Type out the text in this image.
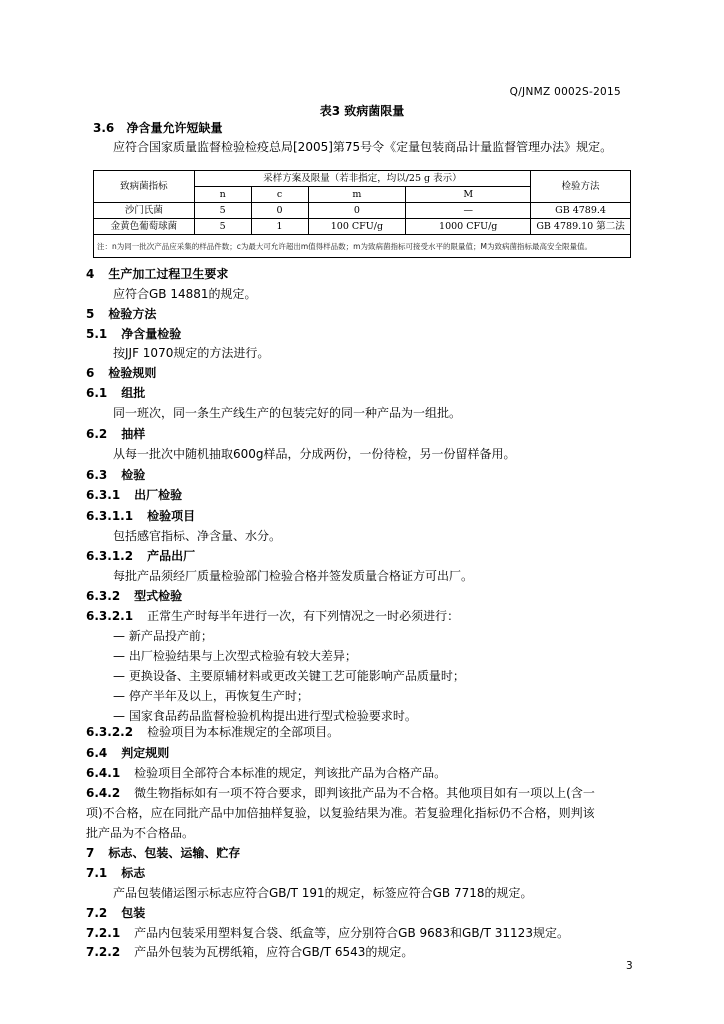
Q/JNMZ 0002S-2015
表3 致病菌限量
3.6 净含量允许短缺量
应符合国家质量监督检验检疫总局[2005]第75号令《定量包装商品计量监督管理办法》规定。
致病菌指标	采样方案及限量（若非指定，均以/25 g 表示）				检验方法
	n	c	m	M	
沙门氏菌	5	0	0	—	GB 4789.4
金黄色葡萄球菌	5	1	100 CFU/g	1000 CFU/g	GB 4789.10 第二法
注：n为同一批次产品应采集的样品件数；c为最大可允许超出m值得样品数；m为致病菌指标可接受水平的限量值；M为致病菌指标最高安全限量值。					
4 生产加工过程卫生要求
应符合GB 14881的规定。
5 检验方法
5.1 净含量检验
按JJF 1070规定的方法进行。
6 检验规则
6.1 组批
同一班次，同一条生产线生产的包装完好的同一种产品为一组批。
6.2 抽样
从每一批次中随机抽取600g样品，分成两份，一份待检，另一份留样备用。
6.3 检验
6.3.1 出厂检验
6.3.1.1 检验项目
包括感官指标、净含量、水分。
6.3.1.2 产品出厂
每批产品须经厂质量检验部门检验合格并签发质量合格证方可出厂。
6.3.2 型式检验
6.3.2.1 正常生产时每半年进行一次，有下列情况之一时必须进行：
— 新产品投产前；
— 出厂检验结果与上次型式检验有较大差异；
— 更换设备、主要原辅材料或更改关键工艺可能影响产品质量时；
— 停产半年及以上，再恢复生产时；
— 国家食品药品监督检验机构提出进行型式检验要求时。
6.3.2.2 检验项目为本标准规定的全部项目。
6.4 判定规则
6.4.1 检验项目全部符合本标准的规定，判该批产品为合格产品。
6.4.2 微生物指标如有一项不符合要求，即判该批产品为不合格。其他项目如有一项以上(含一
项)不合格，应在同批产品中加倍抽样复验，以复验结果为准。若复验理化指标仍不合格，则判该
批产品为不合格品。
7 标志、包装、运输、贮存
7.1 标志
产品包装储运图示标志应符合GB/T 191的规定，标签应符合GB 7718的规定。
7.2 包装
7.2.1 产品内包装采用塑料复合袋、纸盒等，应分别符合GB 9683和GB/T 31123规定。
7.2.2 产品外包装为瓦楞纸箱，应符合GB/T 6543的规定。
3
